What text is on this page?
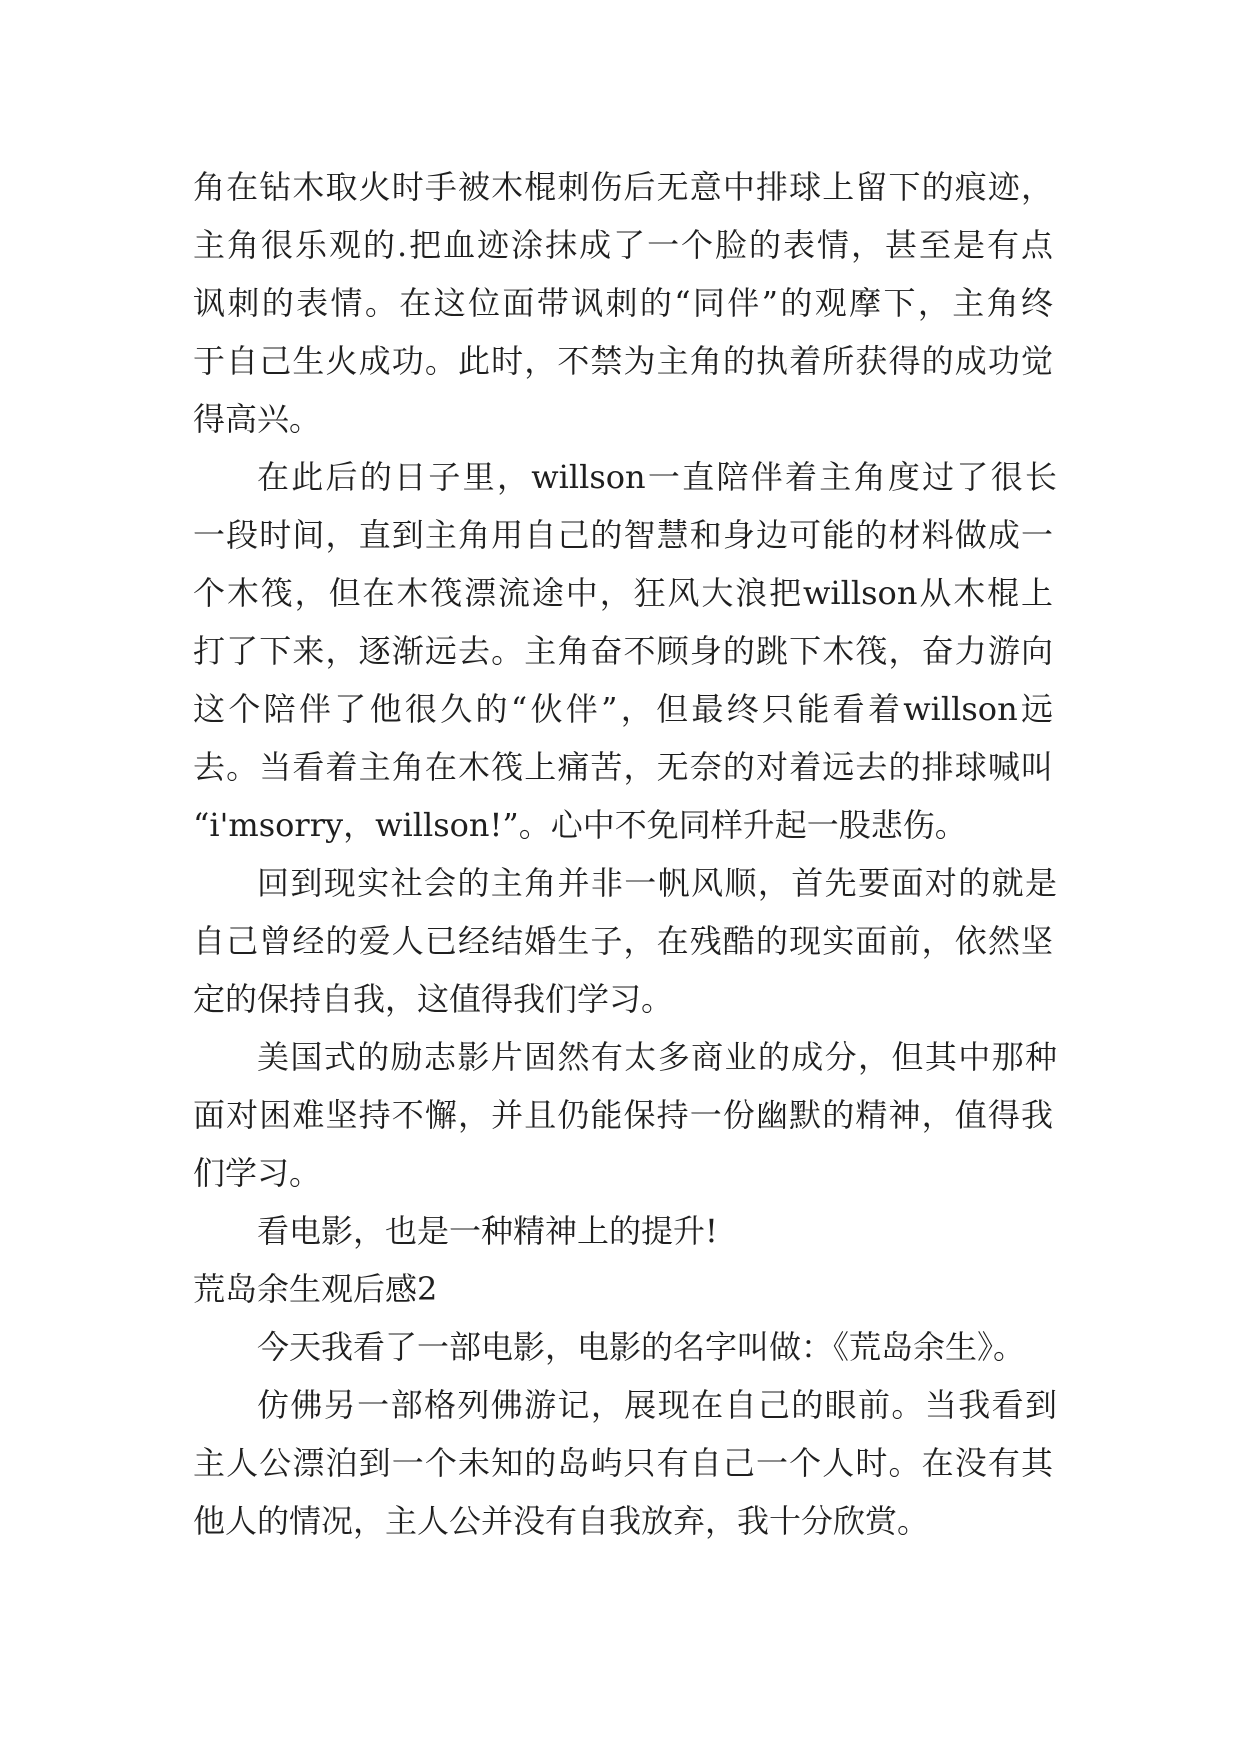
角在钻木取火时手被木棍刺伤后无意中排球上留下的痕迹，
主角很乐观的.把血迹涂抹成了一个脸的表情，甚至是有点
讽刺的表情。在这位面带讽刺的“同伴”的观摩下，主角终
于自己生火成功。此时，不禁为主角的执着所获得的成功觉
得高兴。
在此后的日子里，willson一直陪伴着主角度过了很长
一段时间，直到主角用自己的智慧和身边可能的材料做成一
个木筏，但在木筏漂流途中，狂风大浪把willson从木棍上
打了下来，逐渐远去。主角奋不顾身的跳下木筏，奋力游向
这个陪伴了他很久的“伙伴”，但最终只能看着willson远
去。当看着主角在木筏上痛苦，无奈的对着远去的排球喊叫
“i'msorry，willson!”。心中不免同样升起一股悲伤。
回到现实社会的主角并非一帆风顺，首先要面对的就是
自己曾经的爱人已经结婚生子，在残酷的现实面前，依然坚
定的保持自我，这值得我们学习。
美国式的励志影片固然有太多商业的成分，但其中那种
面对困难坚持不懈，并且仍能保持一份幽默的精神，值得我
们学习。
看电影，也是一种精神上的提升!
荒岛余生观后感2
今天我看了一部电影，电影的名字叫做：《荒岛余生》。
仿佛另一部格列佛游记，展现在自己的眼前。当我看到
主人公漂泊到一个未知的岛屿只有自己一个人时。在没有其
他人的情况，主人公并没有自我放弃，我十分欣赏。
